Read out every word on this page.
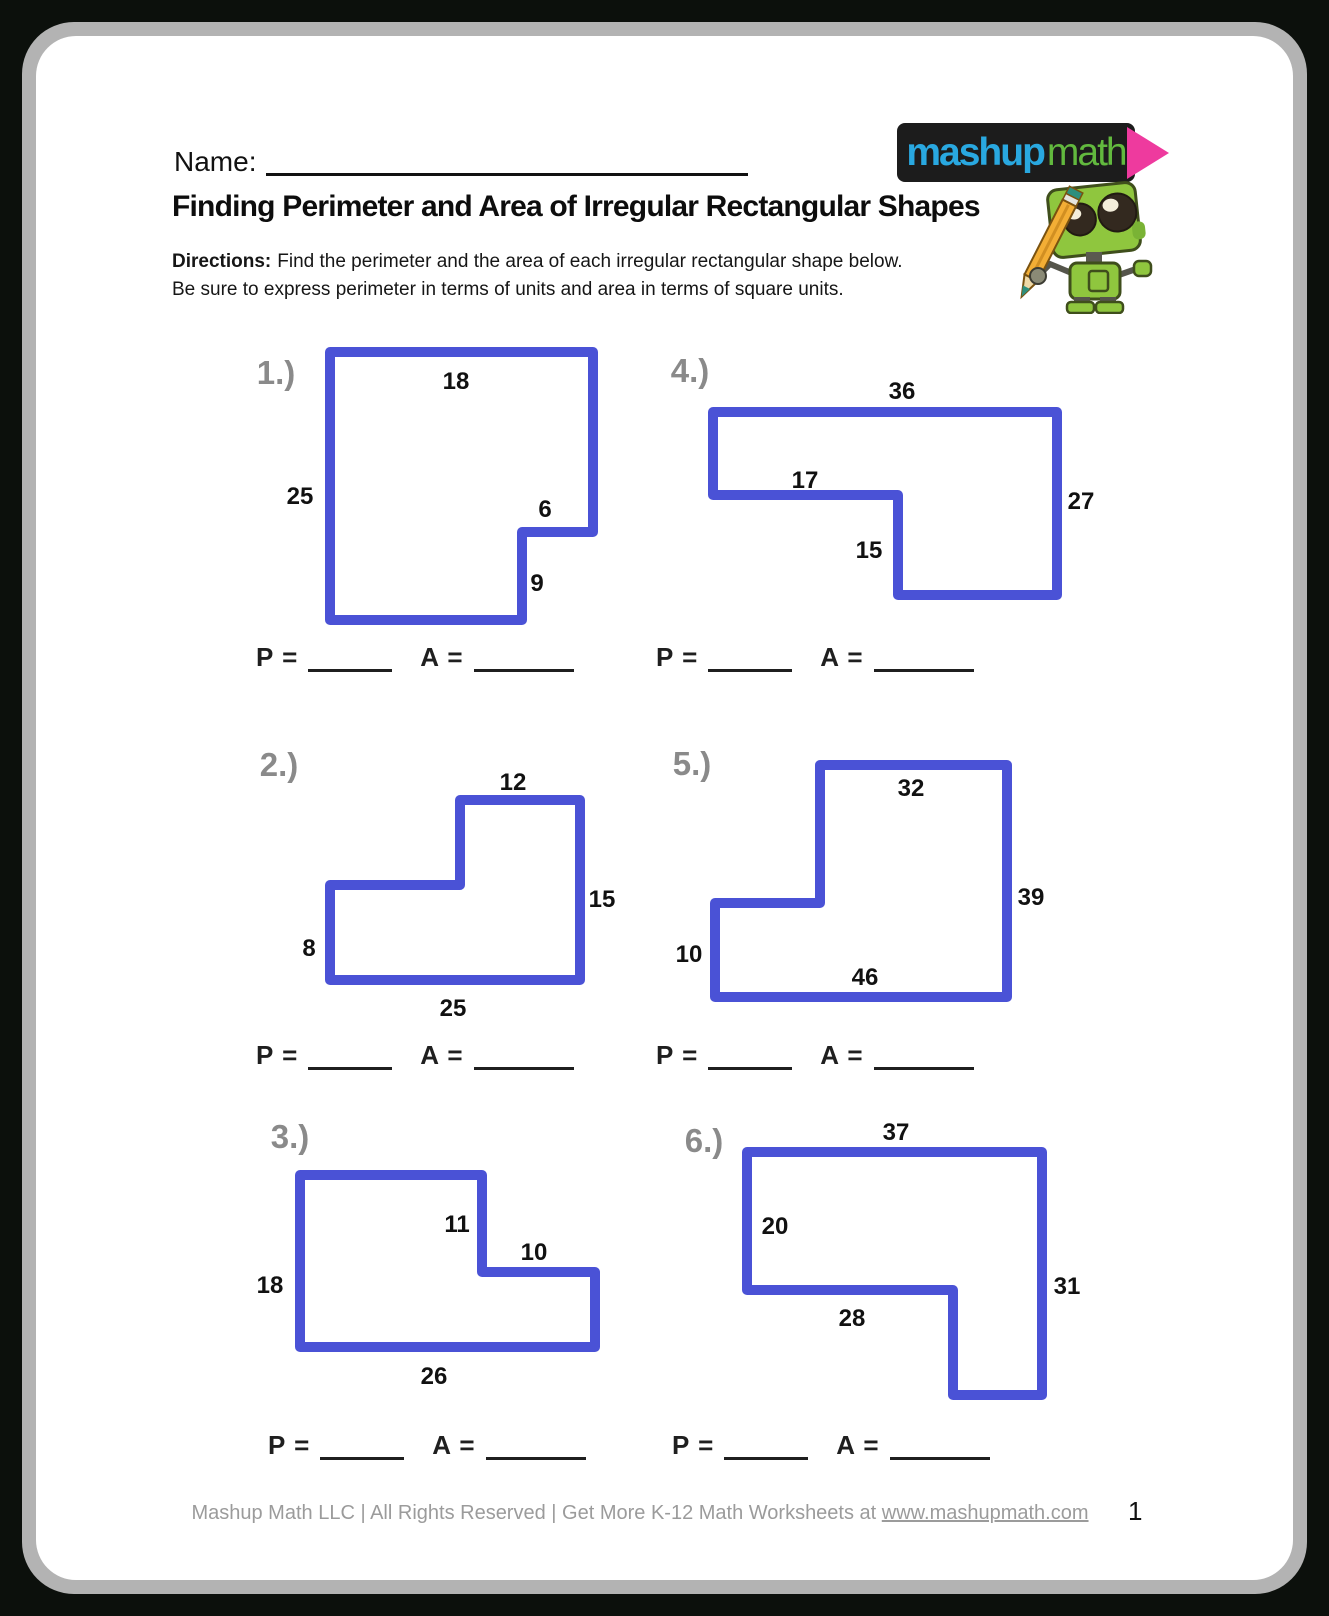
Name:	mashup math
Finding Perimeter and Area of Irregular Rectangular Shapes

Directions: Find the perimeter and the area of each irregular rectangular shape below.
Be sure to express perimeter in terms of units and area in terms of square units.

1.)	18
25	6
9
P =	A =
4.)
36
17
15
27
P =	A =
2.)	12
15
8
25
P =	A =
5.)
32
39
10
46
P =	A =
3.)
11
10
18
26
P =	A =
6.)	37
20
31
28
P =	A =
Mashup Math LLC | All Rights Reserved | Get More K-12 Math Worksheets at www.mashupmath.com	1
